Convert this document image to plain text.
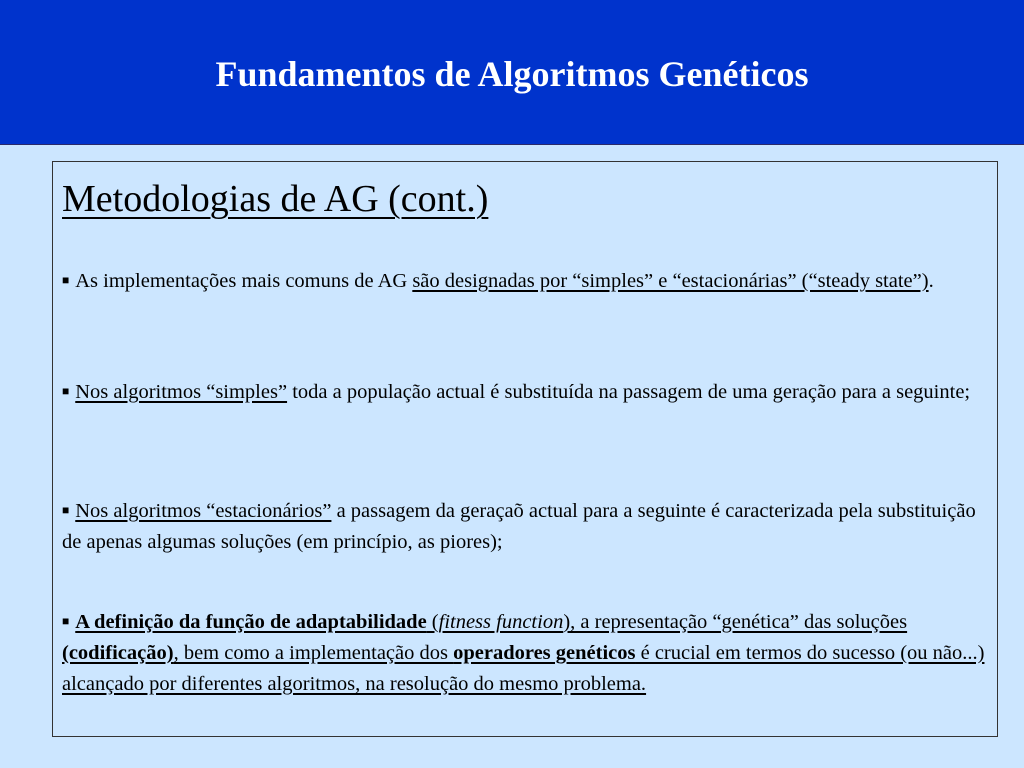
Fundamentos de Algoritmos Genéticos
Metodologias de AG (cont.)

■ As implementações mais comuns de AG são designadas por “simples” e “estacionárias” (“steady state”).

■ Nos algoritmos “simples” toda a população actual é substituída na passagem de uma geração para a seguinte;

■ Nos algoritmos “estacionários” a passagem da geraçaõ actual para a seguinte é caracterizada pela substituição de apenas algumas soluções (em princípio, as piores);

■ A definição da função de adaptabilidade (fitness function), a representação “genética” das soluções (codificação), bem como a implementação dos operadores genéticos é crucial em termos do sucesso (ou não...) alcançado por diferentes algoritmos, na resolução do mesmo problema.
